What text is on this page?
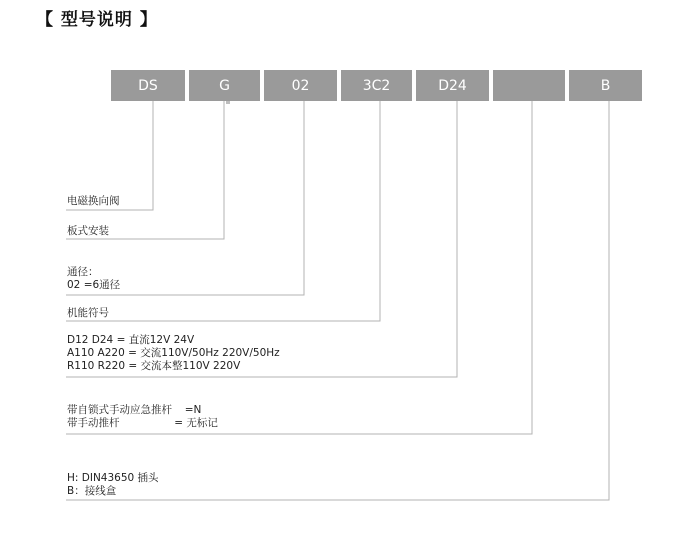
【 型号说明 】
DS	G	02	3C2	D24	B
电磁换向阀
板式安装
通径：
02 =6通径
机能符号
D12 D24 = 直流12V 24V
A110 A220 = 交流110V/50Hz 220V/50Hz
R110 R220 = 交流本整110V 220V
带自锁式手动应急推杆 =N
带手动推杆	= 无标记
H: DIN43650 插头
B：接线盒
